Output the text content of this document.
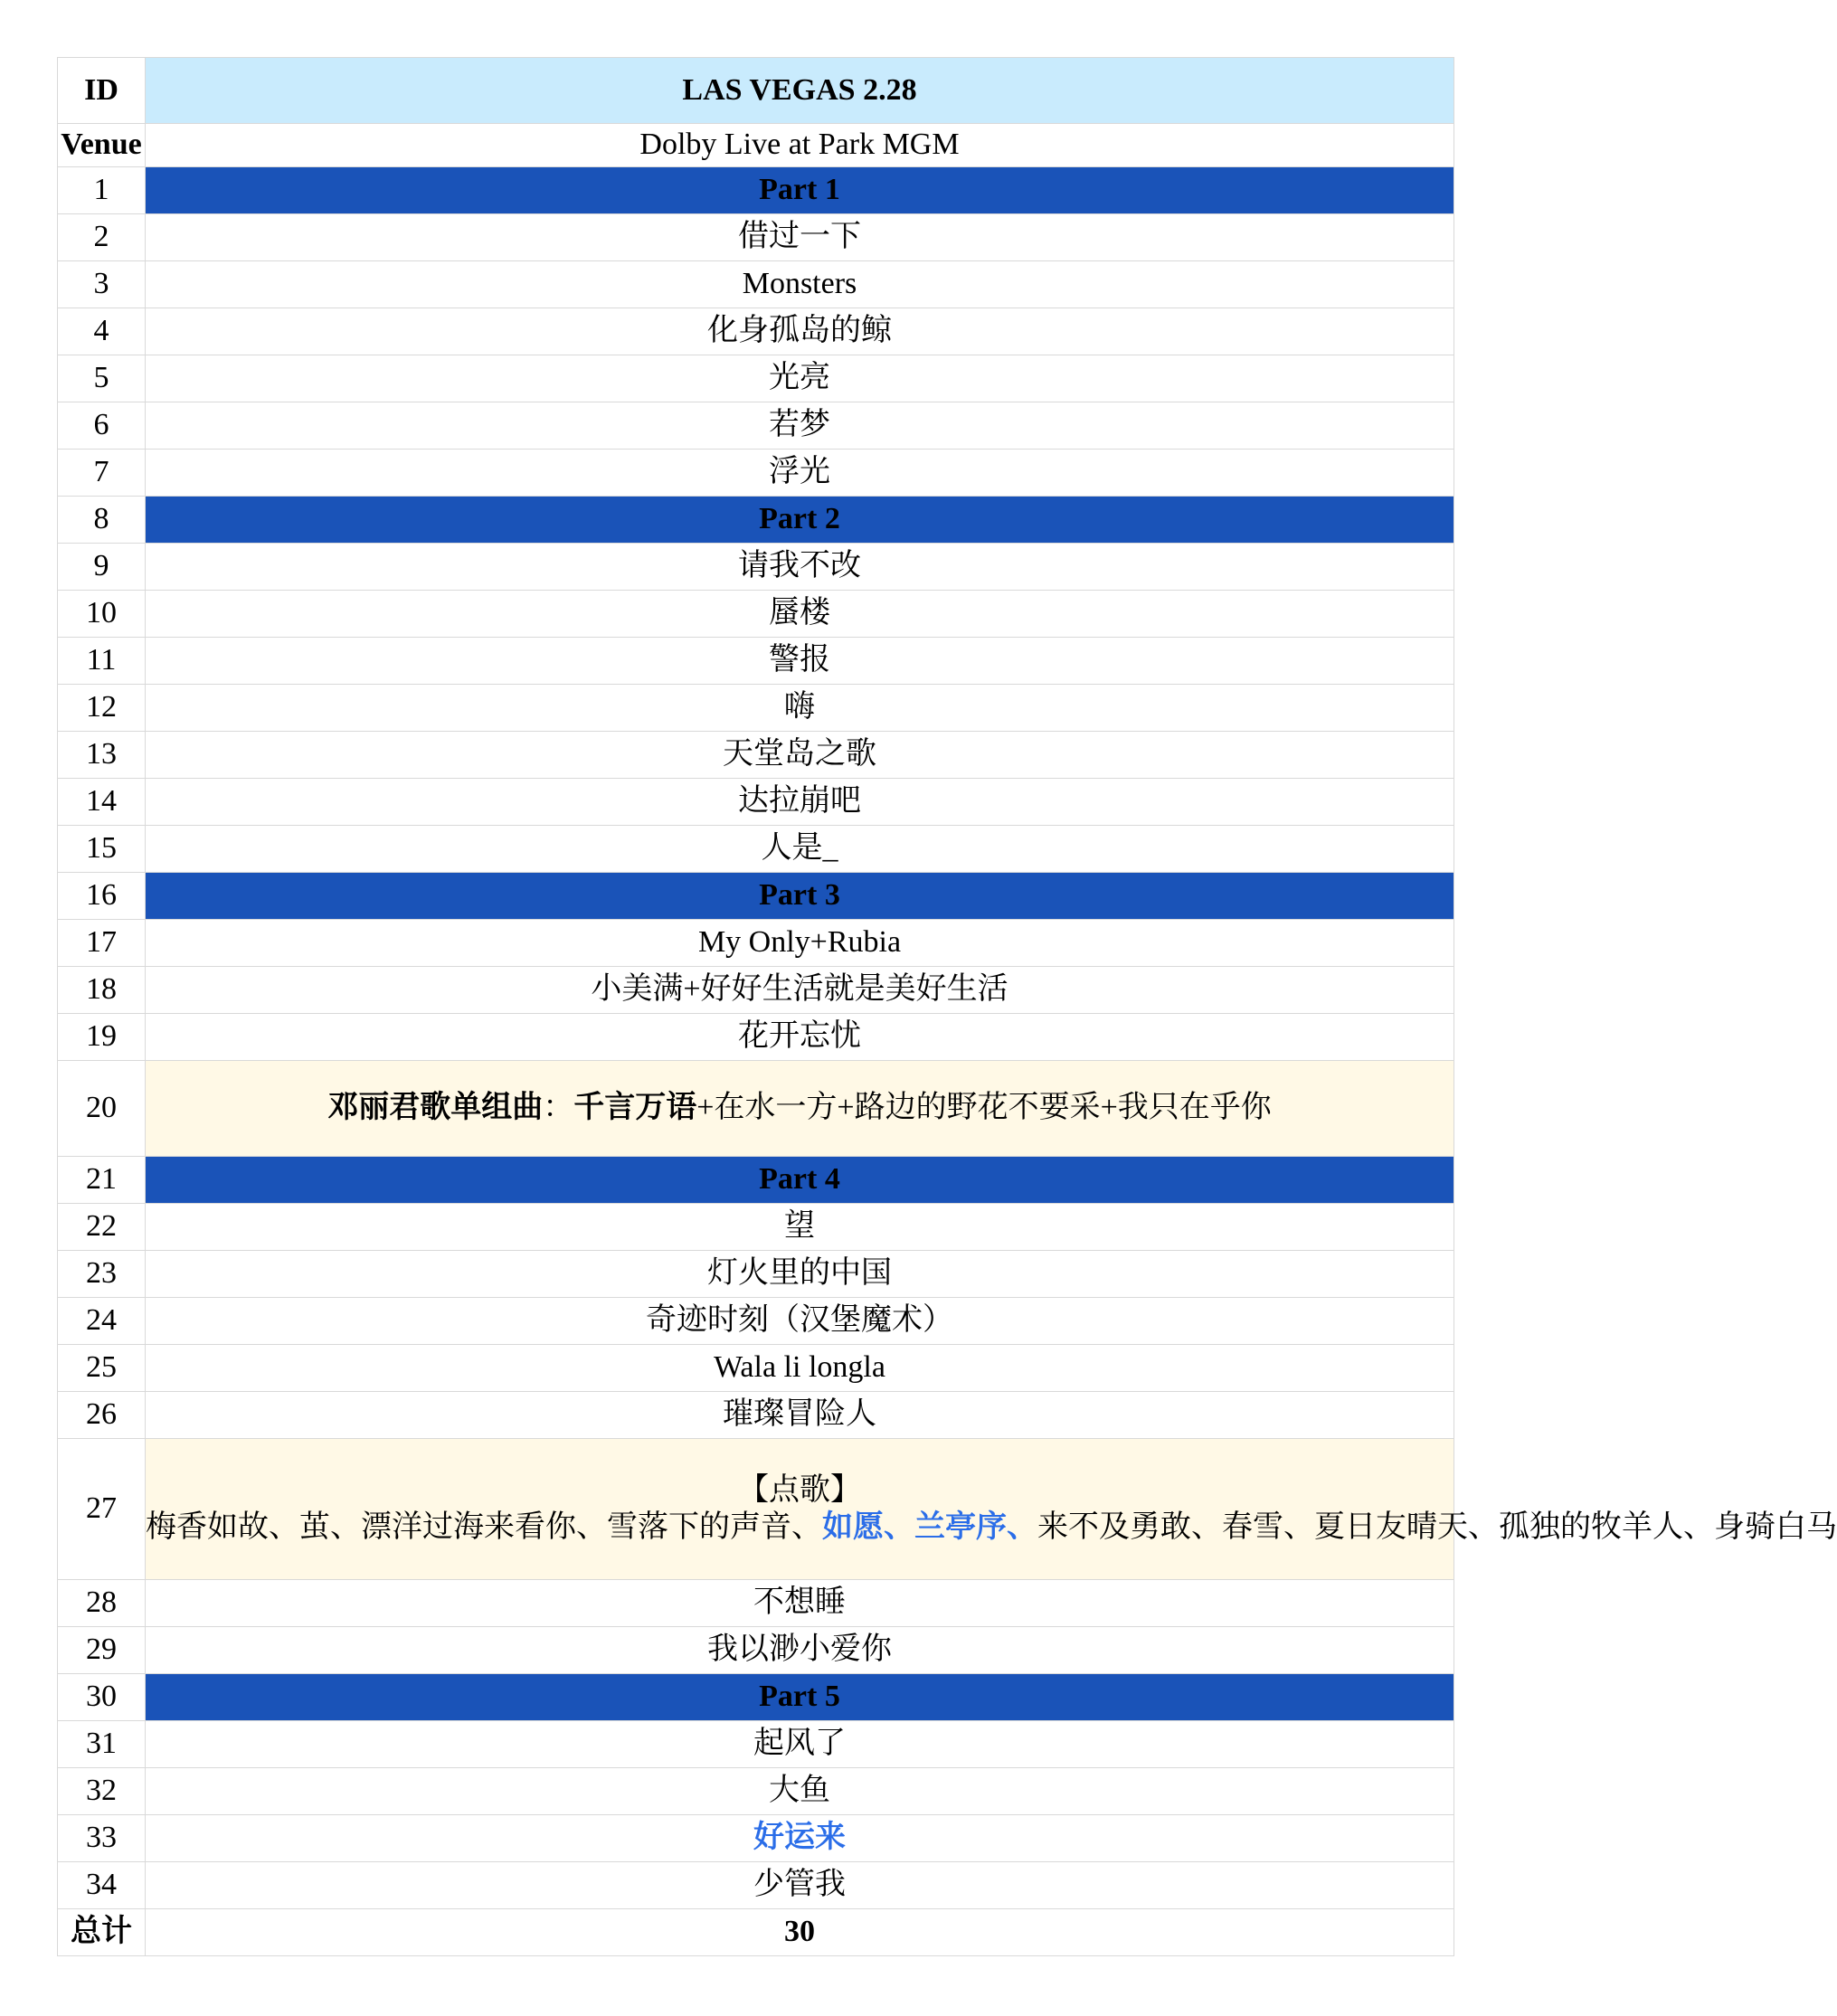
ID	LAS VEGAS 2.28
Venue	Dolby Live at Park MGM
1	Part 1
2	借过一下
3	Monsters
4	化身孤岛的鲸
5	光亮
6	若梦
7	浮光
8	Part 2
9	请我不改
10	蜃楼
11	警报
12	嗨
13	天堂岛之歌
14	达拉崩吧
15	人是_
16	Part 3
17	My Only+Rubia
18	小美满+好好生活就是美好生活
19	花开忘忧
20	邓丽君歌单组曲：千言万语+在水一方+路边的野花不要采+我只在乎你
21	Part 4
22	望
23	灯火里的中国
24	奇迹时刻（汉堡魔术）
25	Wala li longla
26	璀璨冒险人
27	【点歌】
梅香如故、茧、漂洋过海来看你、雪落下的声音、如愿、兰亭序、来不及勇敢、春雪、夏日友晴天、孤独的牧羊人、身骑白马

28	不想睡
29	我以渺小爱你
30	Part 5
31	起风了
32	大鱼
33	好运来
34	少管我
总计	30
